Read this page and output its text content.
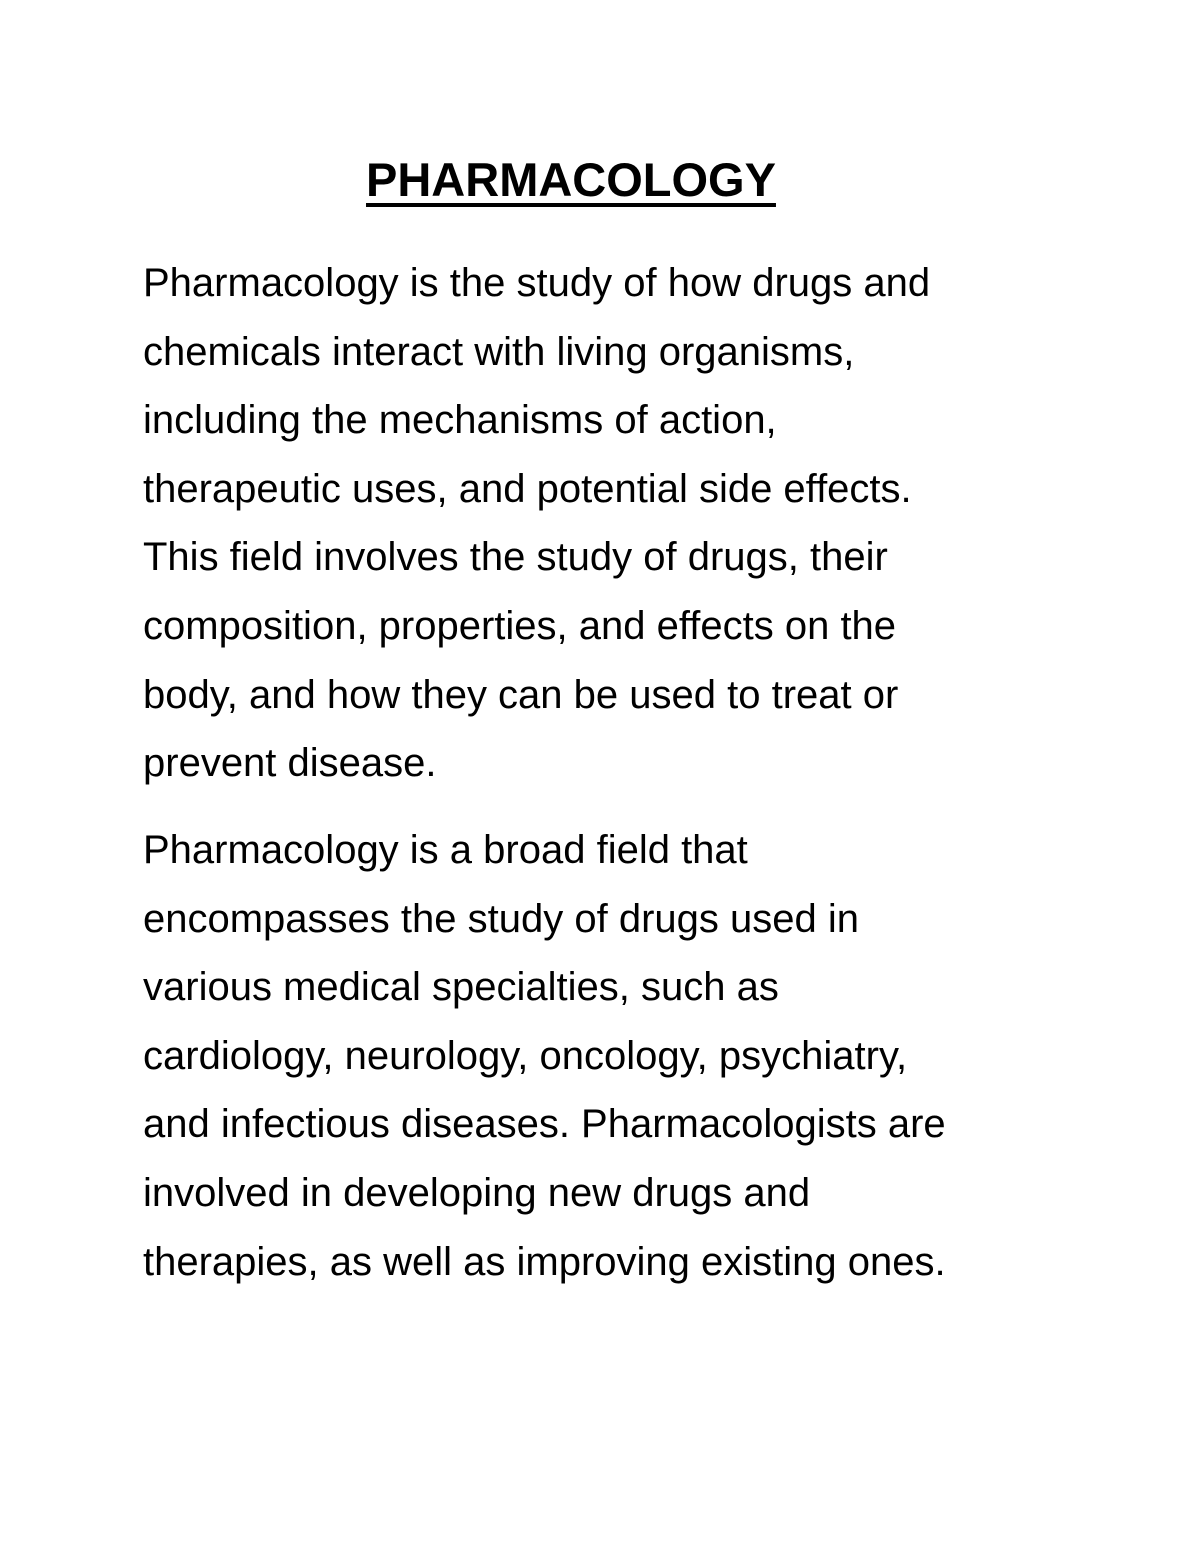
PHARMACOLOGY

Pharmacology is the study of how drugs and
chemicals interact with living organisms,
including the mechanisms of action,
therapeutic uses, and potential side effects.
This field involves the study of drugs, their
composition, properties, and effects on the
body, and how they can be used to treat or
prevent disease.

Pharmacology is a broad field that
encompasses the study of drugs used in
various medical specialties, such as
cardiology, neurology, oncology, psychiatry,
and infectious diseases. Pharmacologists are
involved in developing new drugs and
therapies, as well as improving existing ones.
